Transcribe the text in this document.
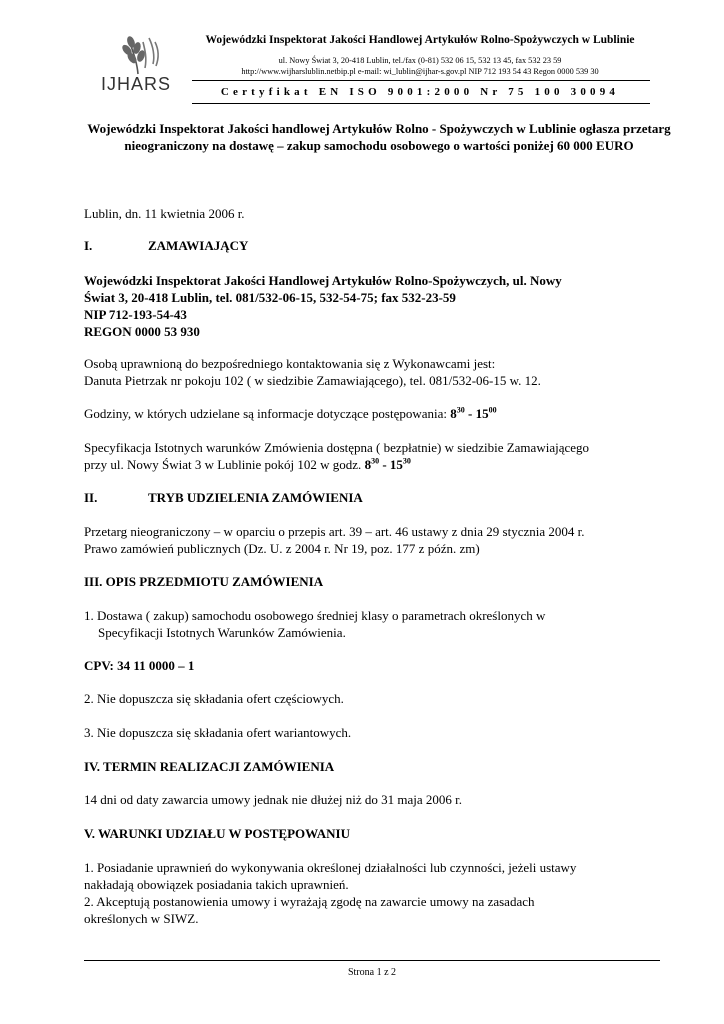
IJHARS
Wojewódzki Inspektorat Jakości Handlowej Artykułów Rolno-Spożywczych w Lublinie
ul. Nowy Świat 3, 20-418 Lublin, tel./fax (0-81) 532 06 15, 532 13 45, fax 532 23 59
http://www.wijharslublin.netbip.pl e-mail: wi_lublin@ijhar-s.gov.pl NIP 712 193 54 43 Regon 0000 539 30
Certyfikat EN ISO 9001:2000 Nr 75 100 30094
Wojewódzki Inspektorat Jakości handlowej Artykułów Rolno - Spożywczych w Lublinie ogłasza przetarg nieograniczony na dostawę – zakup samochodu osobowego o wartości poniżej 60 000 EURO
Lublin, dn. 11 kwietnia 2006 r.
I.	ZAMAWIAJĄCY
Wojewódzki Inspektorat Jakości Handlowej Artykułów Rolno-Spożywczych, ul. Nowy
Świat 3, 20-418 Lublin, tel. 081/532-06-15, 532-54-75; fax 532-23-59
NIP 712-193-54-43
REGON 0000 53 930
Osobą uprawnioną do bezpośredniego kontaktowania się z Wykonawcami jest:
Danuta Pietrzak nr pokoju 102 ( w siedzibie Zamawiającego), tel. 081/532-06-15 w. 12.
Godziny, w których udzielane są informacje dotyczące postępowania: $8^{30} - 15^{00}$
Specyfikacja Istotnych warunków Zmówienia dostępna ( bezpłatnie) w siedzibie Zamawiającego
przy ul. Nowy Świat 3 w Lublinie pokój 102 w godz. $8^{30} - 15^{30}$
II.	TRYB UDZIELENIA ZAMÓWIENIA
Przetarg nieograniczony – w oparciu o przepis art. 39 – art. 46 ustawy z dnia 29 stycznia 2004 r.
Prawo zamówień publicznych (Dz. U. z 2004 r. Nr 19, poz. 177 z późn. zm)
III. OPIS PRZEDMIOTU ZAMÓWIENIA
1. Dostawa ( zakup) samochodu osobowego średniej klasy o parametrach określonych w
Specyfikacji Istotnych Warunków Zamówienia.
CPV: 34 11 0000 – 1
2. Nie dopuszcza się składania ofert częściowych.
3. Nie dopuszcza się składania ofert wariantowych.
IV. TERMIN REALIZACJI ZAMÓWIENIA
14 dni od daty zawarcia umowy jednak nie dłużej niż do 31 maja 2006 r.
V. WARUNKI UDZIAŁU W POSTĘPOWANIU
1. Posiadanie uprawnień do wykonywania określonej działalności lub czynności, jeżeli ustawy
nakładają obowiązek posiadania takich uprawnień.
2. Akceptują postanowienia umowy i wyrażają zgodę na zawarcie umowy na zasadach
określonych w SIWZ.
Strona 1 z 2
